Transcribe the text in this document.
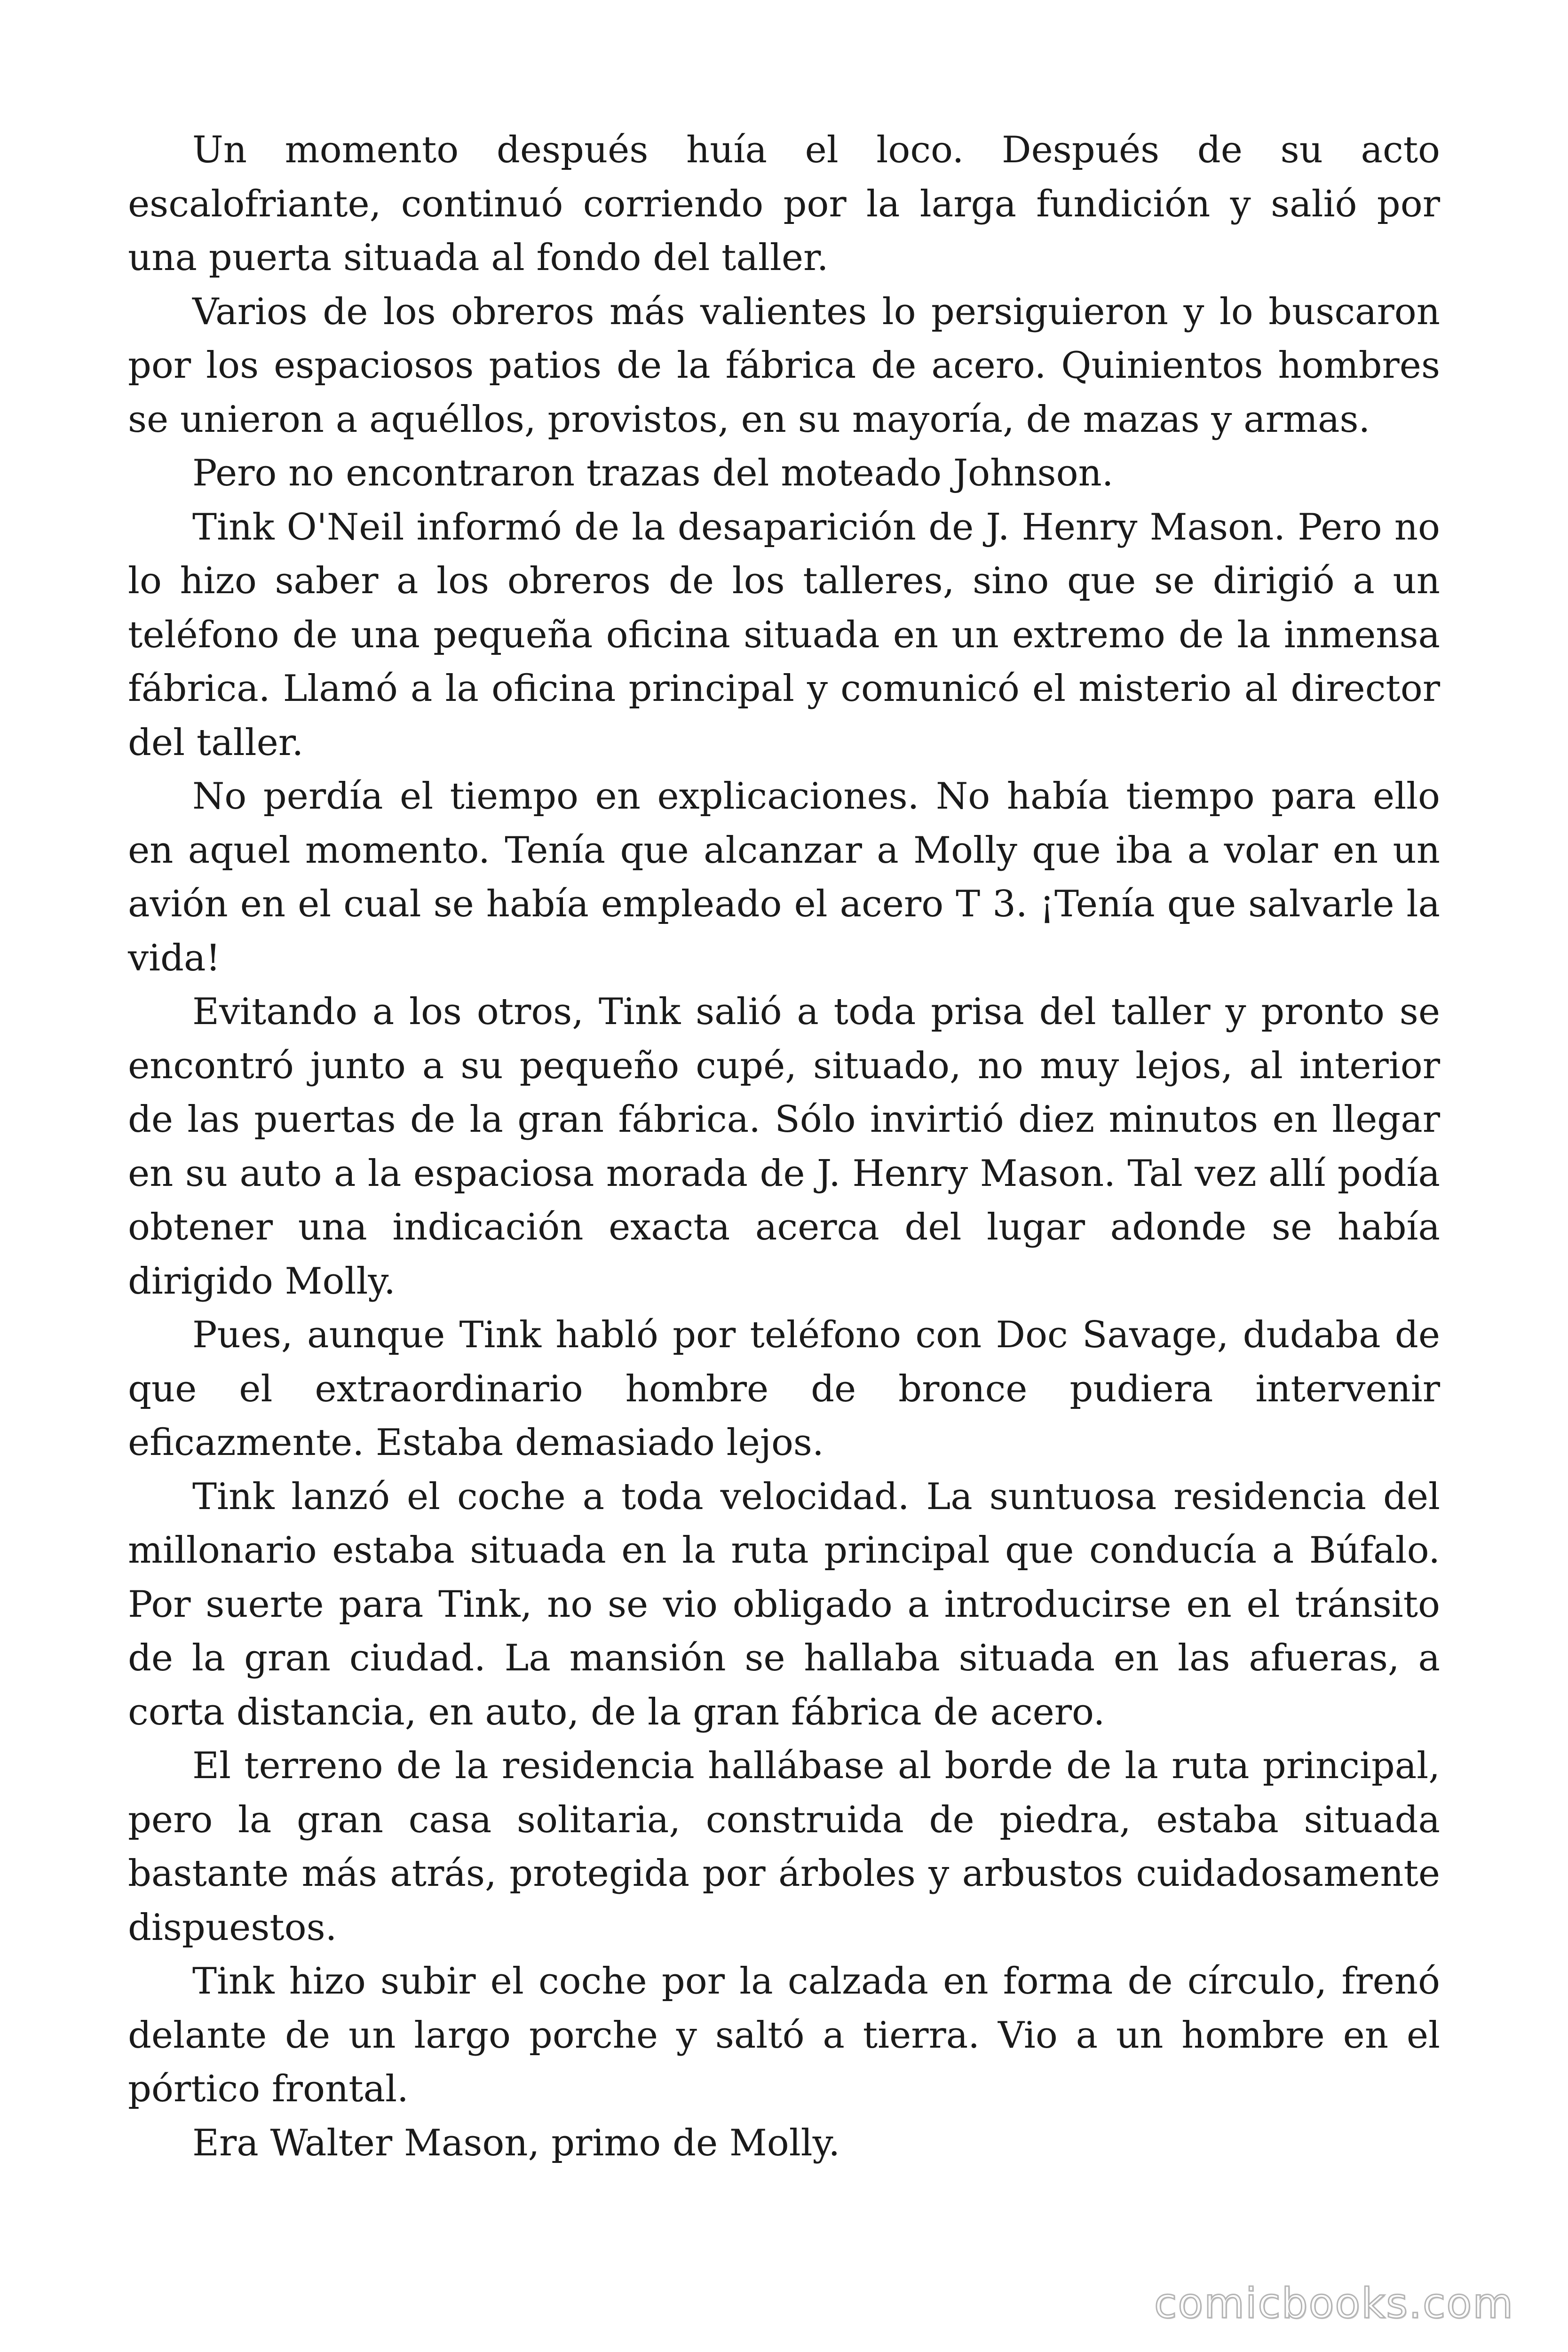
Un momento después huía el loco. Después de su acto escalofriante, continuó corriendo por la larga fundición y salió por una puerta situada al fondo del taller.

Varios de los obreros más valientes lo persiguieron y lo buscaron por los espaciosos patios de la fábrica de acero. Quinientos hombres se unieron a aquéllos, provistos, en su mayoría, de mazas y armas.

Pero no encontraron trazas del moteado Johnson.

Tink O'Neil informó de la desaparición de J. Henry Mason. Pero no lo hizo saber a los obreros de los talleres, sino que se dirigió a un teléfono de una pequeña oficina situada en un extremo de la inmensa fábrica. Llamó a la oficina principal y comunicó el misterio al director del taller.

No perdía el tiempo en explicaciones. No había tiempo para ello en aquel momento. Tenía que alcanzar a Molly que iba a volar en un avión en el cual se había empleado el acero T 3. ¡Tenía que salvarle la vida!

Evitando a los otros, Tink salió a toda prisa del taller y pronto se encontró junto a su pequeño cupé, situado, no muy lejos, al interior de las puertas de la gran fábrica. Sólo invirtió diez minutos en llegar en su auto a la espaciosa morada de J. Henry Mason. Tal vez allí podía obtener una indicación exacta acerca del lugar adonde se había dirigido Molly.

Pues, aunque Tink habló por teléfono con Doc Savage, dudaba de que el extraordinario hombre de bronce pudiera intervenir eficazmente. Estaba demasiado lejos.

Tink lanzó el coche a toda velocidad. La suntuosa residencia del millonario estaba situada en la ruta principal que conducía a Búfalo. Por suerte para Tink, no se vio obligado a introducirse en el tránsito de la gran ciudad. La mansión se hallaba situada en las afueras, a corta distancia, en auto, de la gran fábrica de acero.

El terreno de la residencia hallábase al borde de la ruta principal, pero la gran casa solitaria, construida de piedra, estaba situada bastante más atrás, protegida por árboles y arbustos cuidadosamente dispuestos.

Tink hizo subir el coche por la calzada en forma de círculo, frenó delante de un largo porche y saltó a tierra. Vio a un hombre en el pórtico frontal.

Era Walter Mason, primo de Molly.

comicbooks.com
